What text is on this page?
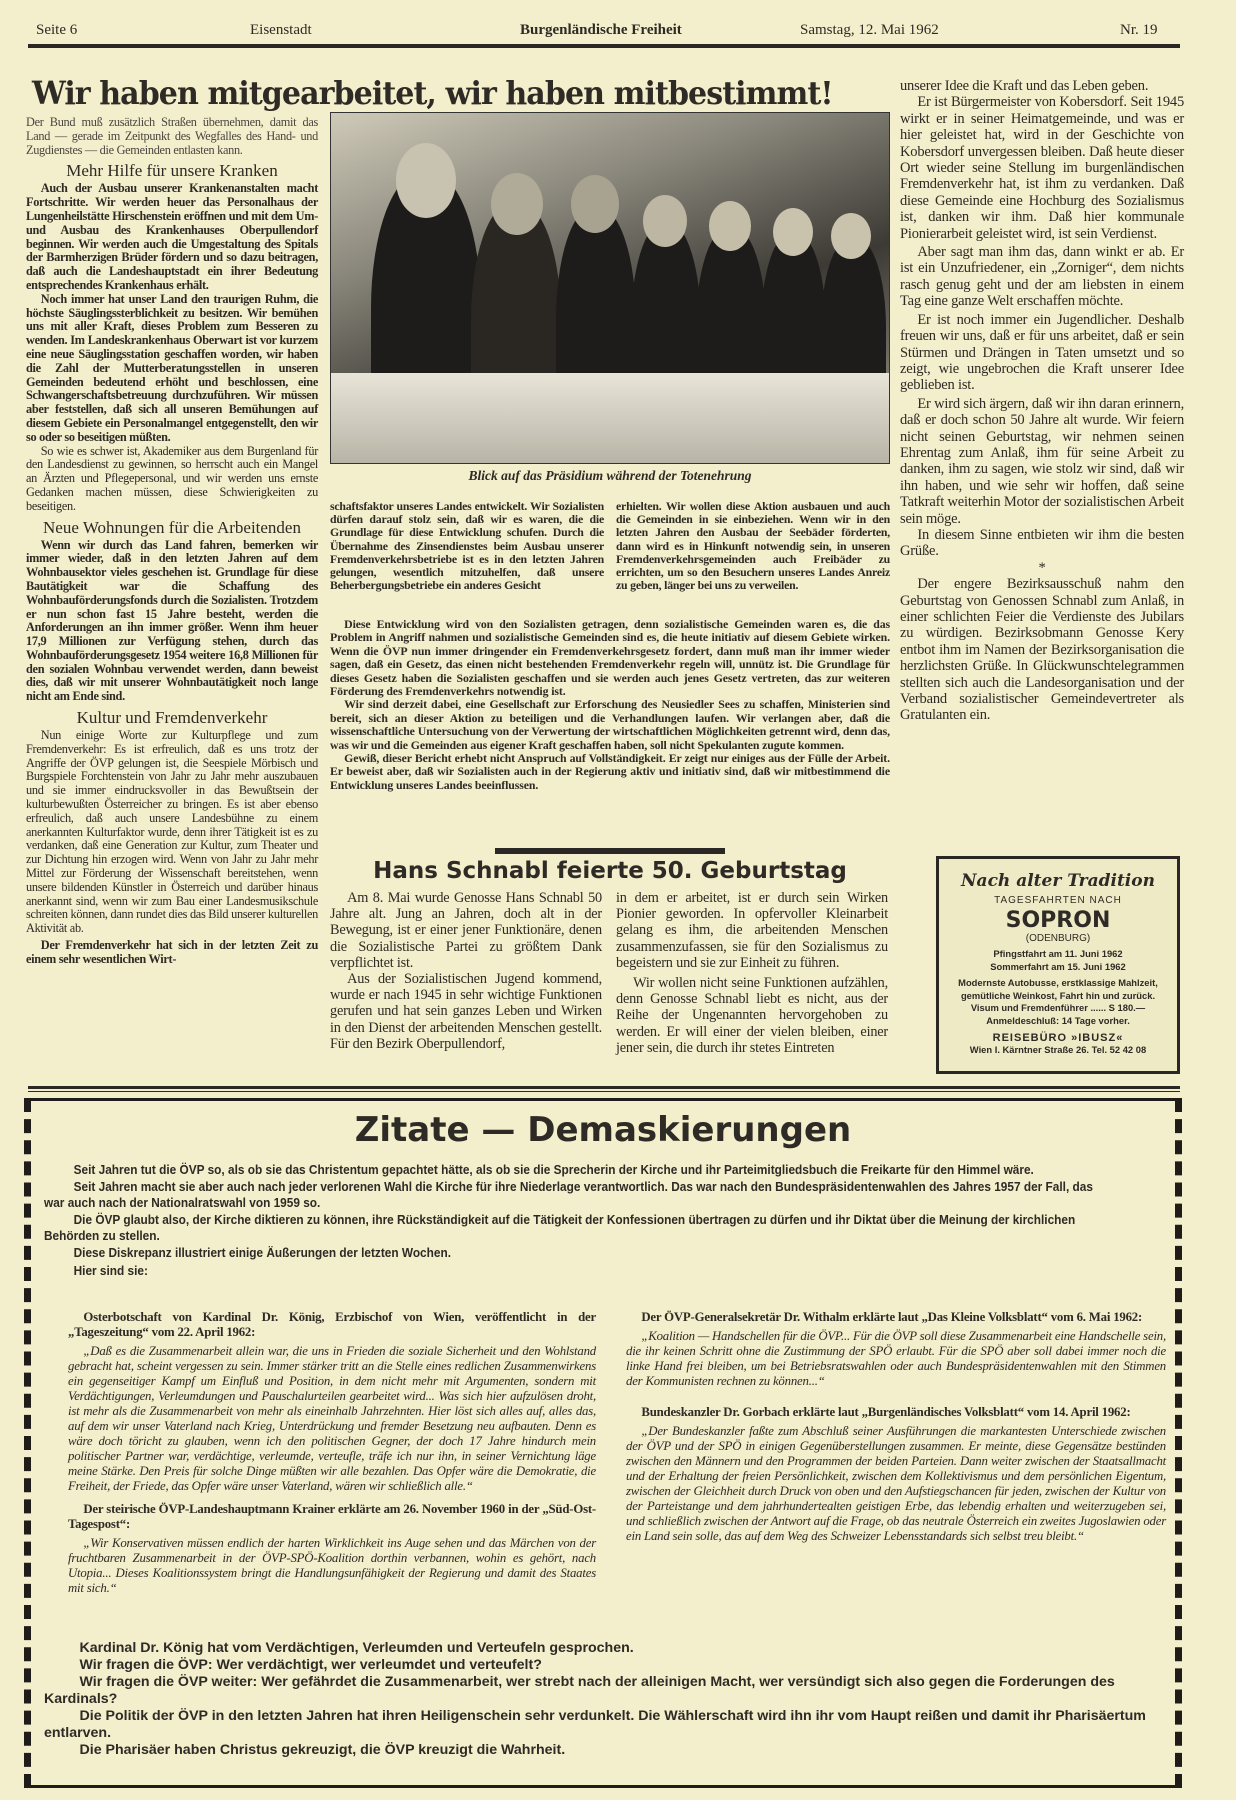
Seite 6	Eisenstadt	Burgenländische Freiheit	Samstag, 12. Mai 1962	Nr. 19
Wir haben mitgearbeitet, wir haben mitbestimmt!

Der Bund muß zusätzlich Straßen übernehmen, damit das Land — gerade im Zeitpunkt des Wegfalles des Hand- und Zugdienstes — die Gemeinden entlasten kann.

Mehr Hilfe für unsere Kranken

Auch der Ausbau unserer Krankenanstalten macht Fortschritte. Wir werden heuer das Personalhaus der Lungenheilstätte Hirschenstein eröffnen und mit dem Um- und Ausbau des Krankenhauses Oberpullendorf beginnen. Wir werden auch die Umgestaltung des Spitals der Barmherzigen Brüder fördern und so dazu beitragen, daß auch die Landeshauptstadt ein ihrer Bedeutung entsprechendes Krankenhaus erhält.

Noch immer hat unser Land den traurigen Ruhm, die höchste Säuglingssterblichkeit zu besitzen. Wir bemühen uns mit aller Kraft, dieses Problem zum Besseren zu wenden. Im Landeskrankenhaus Oberwart ist vor kurzem eine neue Säuglingsstation geschaffen worden, wir haben die Zahl der Mutterberatungsstellen in unseren Gemeinden bedeutend erhöht und beschlossen, eine Schwangerschaftsbetreuung durchzuführen. Wir müssen aber feststellen, daß sich all unseren Bemühungen auf diesem Gebiete ein Personalmangel entgegenstellt, den wir so oder so beseitigen müßten.

So wie es schwer ist, Akademiker aus dem Burgenland für den Landesdienst zu gewinnen, so herrscht auch ein Mangel an Ärzten und Pflegepersonal, und wir werden uns ernste Gedanken machen müssen, diese Schwierigkeiten zu beseitigen.

Neue Wohnungen für die Arbeitenden

Wenn wir durch das Land fahren, bemerken wir immer wieder, daß in den letzten Jahren auf dem Wohnbausektor vieles geschehen ist. Grundlage für diese Bautätigkeit war die Schaffung des Wohnbauförderungsfonds durch die Sozialisten. Trotzdem er nun schon fast 15 Jahre besteht, werden die Anforderungen an ihn immer größer. Wenn ihm heuer 17,9 Millionen zur Verfügung stehen, durch das Wohnbauförderungsgesetz 1954 weitere 16,8 Millionen für den sozialen Wohnbau verwendet werden, dann beweist dies, daß wir mit unserer Wohnbautätigkeit noch lange nicht am Ende sind.

Kultur und Fremdenverkehr

Nun einige Worte zur Kulturpflege und zum Fremdenverkehr: Es ist erfreulich, daß es uns trotz der Angriffe der ÖVP gelungen ist, die Seespiele Mörbisch und Burgspiele Forchtenstein von Jahr zu Jahr mehr auszubauen und sie immer eindrucksvoller in das Bewußtsein der kulturbewußten Österreicher zu bringen. Es ist aber ebenso erfreulich, daß auch unsere Landesbühne zu einem anerkannten Kulturfaktor wurde, denn ihrer Tätigkeit ist es zu verdanken, daß eine Generation zur Kultur, zum Theater und zur Dichtung hin erzogen wird. Wenn von Jahr zu Jahr mehr Mittel zur Förderung der Wissenschaft bereitstehen, wenn unsere bildenden Künstler in Österreich und darüber hinaus anerkannt sind, wenn wir zum Bau einer Landesmusikschule schreiten können, dann rundet dies das Bild unserer kulturellen Aktivität ab.

Der Fremdenverkehr hat sich in der letzten Zeit zu einem sehr wesentlichen Wirt-

Blick auf das Präsidium während der Totenehrung

schaftsfaktor unseres Landes entwickelt. Wir Sozialisten dürfen darauf stolz sein, daß wir es waren, die die Grundlage für diese Entwicklung schufen. Durch die Übernahme des Zinsendienstes beim Ausbau unserer Fremdenverkehrsbetriebe ist es in den letzten Jahren gelungen, wesentlich mitzuhelfen, daß unsere Beherbergungsbetriebe ein anderes Gesicht

erhielten. Wir wollen diese Aktion ausbauen und auch die Gemeinden in sie einbeziehen. Wenn wir in den letzten Jahren den Ausbau der Seebäder förderten, dann wird es in Hinkunft notwendig sein, in unseren Fremdenverkehrsgemeinden auch Freibäder zu errichten, um so den Besuchern unseres Landes Anreiz zu geben, länger bei uns zu verweilen.

Diese Entwicklung wird von den Sozialisten getragen, denn sozialistische Gemeinden waren es, die das Problem in Angriff nahmen und sozialistische Gemeinden sind es, die heute initiativ auf diesem Gebiete wirken. Wenn die ÖVP nun immer dringender ein Fremdenverkehrsgesetz fordert, dann muß man ihr immer wieder sagen, daß ein Gesetz, das einen nicht bestehenden Fremdenverkehr regeln will, unnütz ist. Die Grundlage für dieses Gesetz haben die Sozialisten geschaffen und sie werden auch jenes Gesetz vertreten, das zur weiteren Förderung des Fremdenverkehrs notwendig ist.

Wir sind derzeit dabei, eine Gesellschaft zur Erforschung des Neusiedler Sees zu schaffen, Ministerien sind bereit, sich an dieser Aktion zu beteiligen und die Verhandlungen laufen. Wir verlangen aber, daß die wissenschaftliche Untersuchung von der Verwertung der wirtschaftlichen Möglichkeiten getrennt wird, denn das, was wir und die Gemeinden aus eigener Kraft geschaffen haben, soll nicht Spekulanten zugute kommen.

Gewiß, dieser Bericht erhebt nicht Anspruch auf Vollständigkeit. Er zeigt nur einiges aus der Fülle der Arbeit. Er beweist aber, daß wir Sozialisten auch in der Regierung aktiv und initiativ sind, daß wir mitbestimmend die Entwicklung unseres Landes beeinflussen.

Hans Schnabl feierte 50. Geburtstag

Am 8. Mai wurde Genosse Hans Schnabl 50 Jahre alt. Jung an Jahren, doch alt in der Bewegung, ist er einer jener Funktionäre, denen die Sozialistische Partei zu größtem Dank verpflichtet ist.

Aus der Sozialistischen Jugend kommend, wurde er nach 1945 in sehr wichtige Funktionen gerufen und hat sein ganzes Leben und Wirken in den Dienst der arbeitenden Menschen gestellt. Für den Bezirk Oberpullendorf,

in dem er arbeitet, ist er durch sein Wirken Pionier geworden. In opfervoller Kleinarbeit gelang es ihm, die arbeitenden Menschen zusammenzufassen, sie für den Sozialismus zu begeistern und sie zur Einheit zu führen.

Wir wollen nicht seine Funktionen aufzählen, denn Genosse Schnabl liebt es nicht, aus der Reihe der Ungenannten hervorgehoben zu werden. Er will einer der vielen bleiben, einer jener sein, die durch ihr stetes Eintreten

unserer Idee die Kraft und das Leben geben.

Er ist Bürgermeister von Kobersdorf. Seit 1945 wirkt er in seiner Heimatgemeinde, und was er hier geleistet hat, wird in der Geschichte von Kobersdorf unvergessen bleiben. Daß heute dieser Ort wieder seine Stellung im burgenländischen Fremdenverkehr hat, ist ihm zu verdanken. Daß diese Gemeinde eine Hochburg des Sozialismus ist, danken wir ihm. Daß hier kommunale Pionierarbeit geleistet wird, ist sein Verdienst.

Aber sagt man ihm das, dann winkt er ab. Er ist ein Unzufriedener, ein „Zorniger“, dem nichts rasch genug geht und der am liebsten in einem Tag eine ganze Welt erschaffen möchte.

Er ist noch immer ein Jugendlicher. Deshalb freuen wir uns, daß er für uns arbeitet, daß er sein Stürmen und Drängen in Taten umsetzt und so zeigt, wie ungebrochen die Kraft unserer Idee geblieben ist.

Er wird sich ärgern, daß wir ihn daran erinnern, daß er doch schon 50 Jahre alt wurde. Wir feiern nicht seinen Geburtstag, wir nehmen seinen Ehrentag zum Anlaß, ihm für seine Arbeit zu danken, ihm zu sagen, wie stolz wir sind, daß wir ihn haben, und wie sehr wir hoffen, daß seine Tatkraft weiterhin Motor der sozialistischen Arbeit sein möge.

In diesem Sinne entbieten wir ihm die besten Grüße.

*

Der engere Bezirksausschuß nahm den Geburtstag von Genossen Schnabl zum Anlaß, in einer schlichten Feier die Verdienste des Jubilars zu würdigen. Bezirksobmann Genosse Kery entbot ihm im Namen der Bezirksorganisation die herzlichsten Grüße. In Glückwunschtelegrammen stellten sich auch die Landesorganisation und der Verband sozialistischer Gemeindevertreter als Gratulanten ein.

Nach alter Tradition
TAGESFAHRTEN NACH
SOPRON
(ODENBURG)
Pfingstfahrt am 11. Juni 1962
Sommerfahrt am 15. Juni 1962
Modernste Autobusse, erstklassige Mahlzeit,
gemütliche Weinkost, Fahrt hin und zurück.
Visum und Fremdenführer ...... S 180.—
Anmeldeschluß: 14 Tage vorher.
REISEBÜRO »IBUSZ«
Wien I. Kärntner Straße 26. Tel. 52 42 08
Zitate — Demaskierungen

Seit Jahren tut die ÖVP so, als ob sie das Christentum gepachtet hätte, als ob sie die Sprecherin der Kirche und ihr Parteimitgliedsbuch die Freikarte für den Himmel wäre.

Seit Jahren macht sie aber auch nach jeder verlorenen Wahl die Kirche für ihre Niederlage verantwortlich. Das war nach den Bundespräsidentenwahlen des Jahres 1957 der Fall, das war auch nach der Nationalratswahl von 1959 so.

Die ÖVP glaubt also, der Kirche diktieren zu können, ihre Rückständigkeit auf die Tätigkeit der Konfessionen übertragen zu dürfen und ihr Diktat über die Meinung der kirchlichen Behörden zu stellen.

Diese Diskrepanz illustriert einige Äußerungen der letzten Wochen.

Hier sind sie:

Osterbotschaft von Kardinal Dr. König, Erzbischof von Wien, veröffentlicht in der „Tageszeitung“ vom 22. April 1962:

„Daß es die Zusammenarbeit allein war, die uns in Frieden die soziale Sicherheit und den Wohlstand gebracht hat, scheint vergessen zu sein. Immer stärker tritt an die Stelle eines redlichen Zusammenwirkens ein gegenseitiger Kampf um Einfluß und Position, in dem nicht mehr mit Argumenten, sondern mit Verdächtigungen, Verleumdungen und Pauschalurteilen gearbeitet wird... Was sich hier aufzulösen droht, ist mehr als die Zusammenarbeit von mehr als eineinhalb Jahrzehnten. Hier löst sich alles auf, alles das, auf dem wir unser Vaterland nach Krieg, Unterdrückung und fremder Besetzung neu aufbauten. Denn es wäre doch töricht zu glauben, wenn ich den politischen Gegner, der doch 17 Jahre hindurch mein politischer Partner war, verdächtige, verleumde, verteufle, träfe ich nur ihn, in seiner Vernichtung läge meine Stärke. Den Preis für solche Dinge müßten wir alle bezahlen. Das Opfer wäre die Demokratie, die Freiheit, der Friede, das Opfer wäre unser Vaterland, wären wir schließlich alle.“

Der steirische ÖVP-Landeshauptmann Krainer erklärte am 26. November 1960 in der „Süd-Ost-Tagespost“:

„Wir Konservativen müssen endlich der harten Wirklichkeit ins Auge sehen und das Märchen von der fruchtbaren Zusammenarbeit in der ÖVP-SPÖ-Koalition dorthin verbannen, wohin es gehört, nach Utopia... Dieses Koalitionssystem bringt die Handlungsunfähigkeit der Regierung und damit des Staates mit sich.“

Der ÖVP-Generalsekretär Dr. Withalm erklärte laut „Das Kleine Volksblatt“ vom 6. Mai 1962:

„Koalition — Handschellen für die ÖVP... Für die ÖVP soll diese Zusammenarbeit eine Handschelle sein, die ihr keinen Schritt ohne die Zustimmung der SPÖ erlaubt. Für die SPÖ aber soll dabei immer noch die linke Hand frei bleiben, um bei Betriebsratswahlen oder auch Bundespräsidentenwahlen mit den Stimmen der Kommunisten rechnen zu können...“

Bundeskanzler Dr. Gorbach erklärte laut „Burgenländisches Volksblatt“ vom 14. April 1962:

„Der Bundeskanzler faßte zum Abschluß seiner Ausführungen die markantesten Unterschiede zwischen der ÖVP und der SPÖ in einigen Gegenüberstellungen zusammen. Er meinte, diese Gegensätze bestünden zwischen den Männern und den Programmen der beiden Parteien. Dann weiter zwischen der Staatsallmacht und der Erhaltung der freien Persönlichkeit, zwischen dem Kollektivismus und dem persönlichen Eigentum, zwischen der Gleichheit durch Druck von oben und den Aufstiegschancen für jeden, zwischen der Kultur von der Parteistange und dem jahrhundertealten geistigen Erbe, das lebendig erhalten und weiterzugeben sei, und schließlich zwischen der Antwort auf die Frage, ob das neutrale Österreich ein zweites Jugoslawien oder ein Land sein solle, das auf dem Weg des Schweizer Lebensstandards sich selbst treu bleibt.“

Kardinal Dr. König hat vom Verdächtigen, Verleumden und Verteufeln gesprochen.

Wir fragen die ÖVP: Wer verdächtigt, wer verleumdet und verteufelt?

Wir fragen die ÖVP weiter: Wer gefährdet die Zusammenarbeit, wer strebt nach der alleinigen Macht, wer versündigt sich also gegen die Forderungen des Kardinals?

Die Politik der ÖVP in den letzten Jahren hat ihren Heiligenschein sehr verdunkelt. Die Wählerschaft wird ihn ihr vom Haupt reißen und damit ihr Pharisäertum entlarven.

Die Pharisäer haben Christus gekreuzigt, die ÖVP kreuzigt die Wahrheit.
